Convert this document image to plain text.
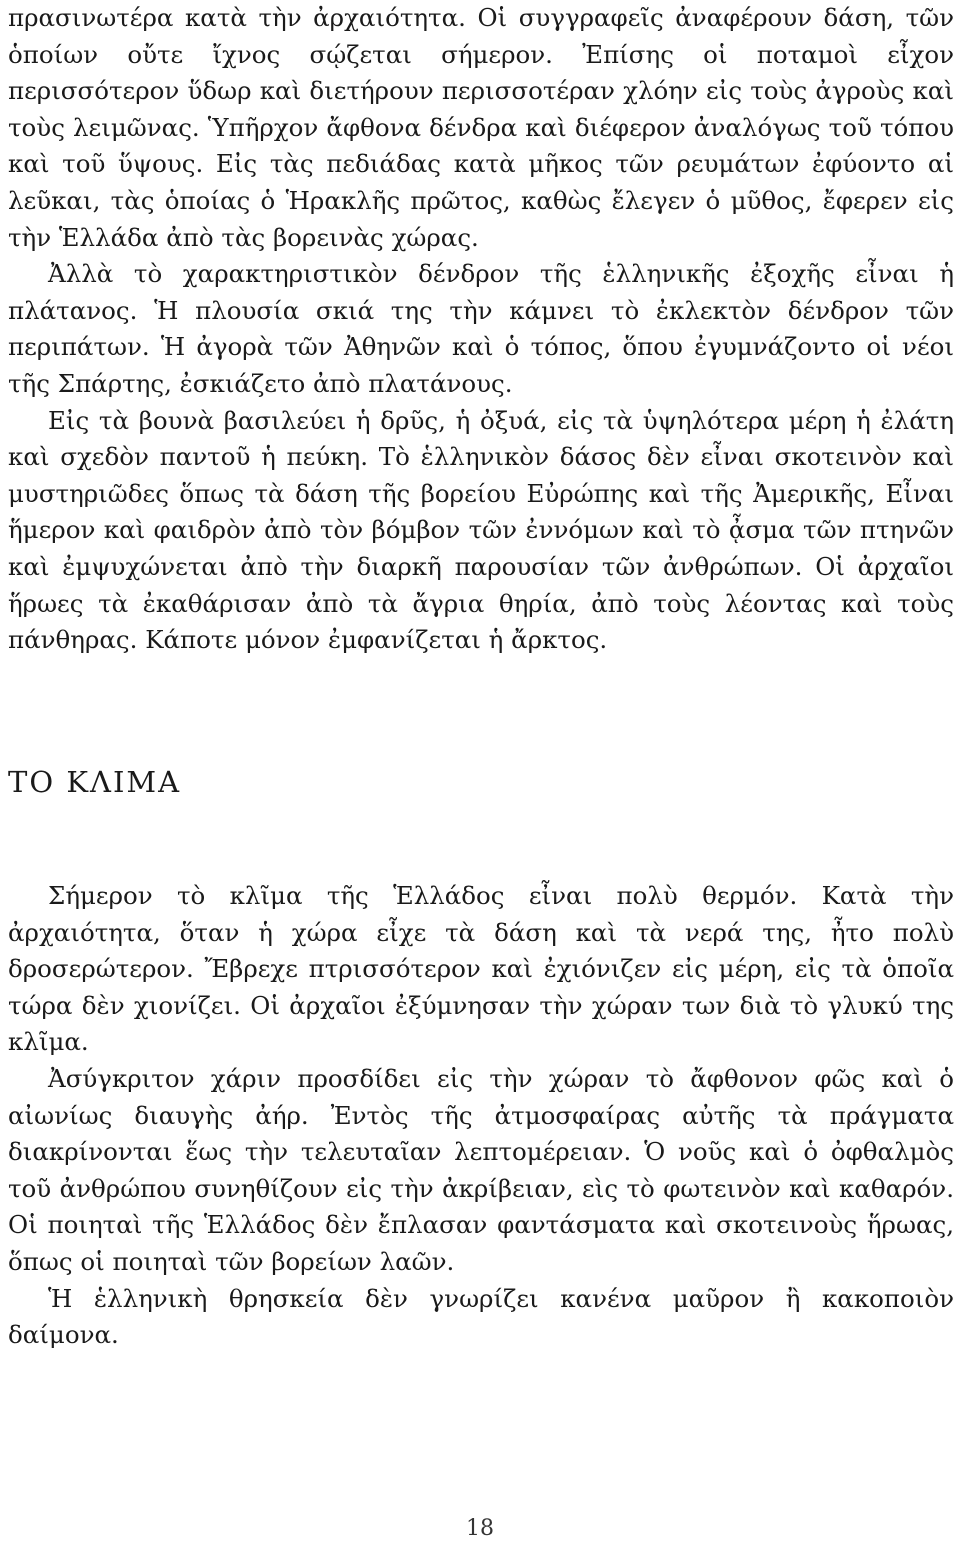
πρασινωτέρα κατὰ τὴν ἀρχαιότητα. Οἱ συγγραφεῖς ἀναφέρουν δάση, τῶν ὁποίων οὔτε ἴχνος σῴζεται σήμερον. Ἐπίσης οἱ ποταμοὶ εἶχον περισσότερον ὕδωρ καὶ διετήρουν περισσοτέραν χλόην εἰς τοὺς ἀγροὺς καὶ τοὺς λειμῶνας. Ὑπῆρχον ἄφθονα δένδρα καὶ διέφερον ἀναλόγως τοῦ τόπου καὶ τοῦ ὕψους. Εἰς τὰς πεδιάδας κατὰ μῆκος τῶν ρευμάτων ἐφύοντο αἱ λεῦκαι, τὰς ὁποίας ὁ Ἡρακλῆς πρῶτος, καθὼς ἔλεγεν ὁ μῦθος, ἔφερεν εἰς τὴν Ἑλλάδα ἀπὸ τὰς βορεινὰς χώρας.

Ἀλλὰ τὸ χαρακτηριστικὸν δένδρον τῆς ἑλληνικῆς ἐξοχῆς εἶναι ἡ πλάτανος. Ἡ πλουσία σκιά της τὴν κάμνει τὸ ἐκλεκτὸν δένδρον τῶν περιπάτων. Ἡ ἀγορὰ τῶν Ἀθηνῶν καὶ ὁ τόπος, ὅπου ἐγυμνάζοντο οἱ νέοι τῆς Σπάρτης, ἐσκιάζετο ἀπὸ πλατάνους.

Εἰς τὰ βουνὰ βασιλεύει ἡ δρῦς, ἡ ὀξυά, εἰς τὰ ὑψηλότερα μέρη ἡ ἐλάτη καὶ σχεδὸν παντοῦ ἡ πεύκη. Τὸ ἑλληνικὸν δάσος δὲν εἶναι σκοτεινὸν καὶ μυστηριῶδες ὅπως τὰ δάση τῆς βορείου Εὐρώπης καὶ τῆς Ἀμερικῆς, Εἶναι ἥμερον καὶ φαιδρὸν ἀπὸ τὸν βόμβον τῶν ἐννόμων καὶ τὸ ᾆσμα τῶν πτηνῶν καὶ ἐμψυχώνεται ἀπὸ τὴν διαρκῆ παρουσίαν τῶν ἀνθρώπων. Οἱ ἀρχαῖοι ἥρωες τὰ ἐκαθάρισαν ἀπὸ τὰ ἄγρια θηρία, ἀπὸ τοὺς λέοντας καὶ τοὺς πάνθηρας. Κάποτε μόνον ἐμφανίζεται ἡ ἄρκτος.

ΤΟ ΚΛΙΜΑ

Σήμερον τὸ κλῖμα τῆς Ἑλλάδος εἶναι πολὺ θερμόν. Κατὰ τὴν ἀρχαιότητα, ὅταν ἡ χώρα εἶχε τὰ δάση καὶ τὰ νερά της, ἦτο πολὺ δροσερώτερον. Ἔβρεχε πτρισσότερον καὶ ἐχιόνιζεν εἰς μέρη, εἰς τὰ ὁποῖα τώρα δὲν χιονίζει. Οἱ ἀρχαῖοι ἐξύμνησαν τὴν χώραν των διὰ τὸ γλυκύ της κλῖμα.

Ἀσύγκριτον χάριν προσδίδει εἰς τὴν χώραν τὸ ἄφθονον φῶς καὶ ὁ αἰωνίως διαυγὴς ἀήρ. Ἐντὸς τῆς ἀτμοσφαίρας αὐτῆς τὰ πράγματα διακρίνονται ἕως τὴν τελευταῖαν λεπτομέρειαν. Ὁ νοῦς καὶ ὁ ὀφθαλμὸς τοῦ ἀνθρώπου συνηθίζουν εἰς τὴν ἀκρίβειαν, εὶς τὸ φωτεινὸν καὶ καθαρόν. Οἱ ποιηταὶ τῆς Ἑλλάδος δὲν ἔπλασαν φαντάσματα καὶ σκοτεινοὺς ἥρωας, ὅπως οἱ ποιηταὶ τῶν βορείων λαῶν.

Ἡ ἑλληνικὴ θρησκεία δὲν γνωρίζει κανένα μαῦρον ἢ κακοποιὸν δαίμονα.

18
